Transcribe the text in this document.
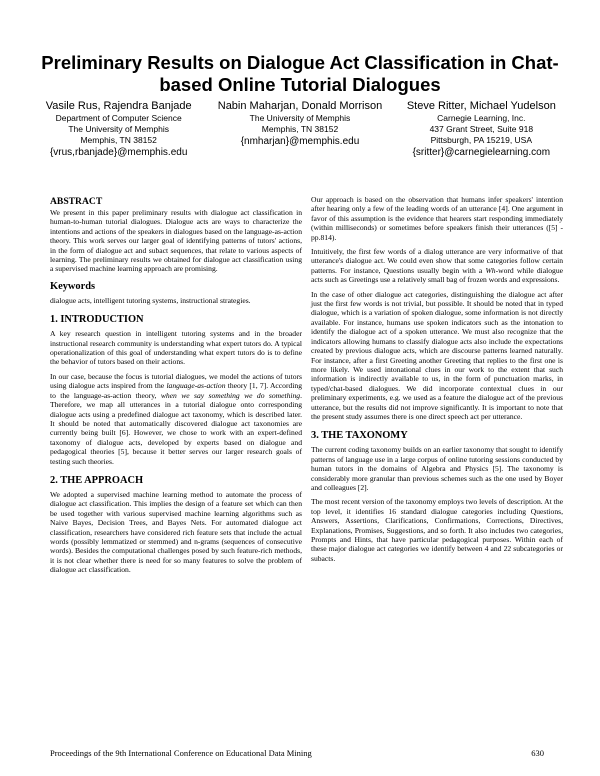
Preliminary Results on Dialogue Act Classification in Chat-based Online Tutorial Dialogues
Vasile Rus, Rajendra Banjade
Department of Computer Science
The University of Memphis
Memphis, TN 38152
{vrus,rbanjade}@memphis.edu
Nabin Maharjan, Donald Morrison
The University of Memphis
Memphis, TN 38152
{nmharjan}@memphis.edu
Steve Ritter, Michael Yudelson
Carnegie Learning, Inc.
437 Grant Street, Suite 918
Pittsburgh, PA 15219, USA
{sritter}@carnegielearning.com
ABSTRACT

We present in this paper preliminary results with dialogue act classification in human-to-human tutorial dialogues. Dialogue acts are ways to characterize the intentions and actions of the speakers in dialogues based on the language-as-action theory. This work serves our larger goal of identifying patterns of tutors' actions, in the form of dialogue act and subact sequences, that relate to various aspects of learning. The preliminary results we obtained for dialogue act classification using a supervised machine learning approach are promising.

Keywords

dialogue acts, intelligent tutoring systems, instructional strategies.

1. INTRODUCTION

A key research question in intelligent tutoring systems and in the broader instructional research community is understanding what expert tutors do. A typical operationalization of this goal of understanding what expert tutors do is to define the behavior of tutors based on their actions.

In our case, because the focus is tutorial dialogues, we model the actions of tutors using dialogue acts inspired from the language-as-action theory [1, 7]. According to the language-as-action theory, when we say something we do something. Therefore, we map all utterances in a tutorial dialogue onto corresponding dialogue acts using a predefined dialogue act taxonomy, which is described later. It should be noted that automatically discovered dialogue act taxonomies are currently being built [6]. However, we chose to work with an expert-defined taxonomy of dialogue acts, developed by experts based on dialogue and pedagogical theories [5], because it better serves our larger research goals of testing such theories.

2. THE APPROACH

We adopted a supervised machine learning method to automate the process of dialogue act classification. This implies the design of a feature set which can then be used together with various supervised machine learning algorithms such as Naive Bayes, Decision Trees, and Bayes Nets. For automated dialogue act classification, researchers have considered rich feature sets that include the actual words (possibly lemmatized or stemmed) and n-grams (sequences of consecutive words). Besides the computational challenges posed by such feature-rich methods, it is not clear whether there is need for so many features to solve the problem of dialogue act classification.

Our approach is based on the observation that humans infer speakers' intention after hearing only a few of the leading words of an utterance [4]. One argument in favor of this assumption is the evidence that hearers start responding immediately (within milliseconds) or sometimes before speakers finish their utterances ([5] - pp.814).

Intuitively, the first few words of a dialog utterance are very informative of that utterance's dialogue act. We could even show that some categories follow certain patterns. For instance, Questions usually begin with a Wh-word while dialogue acts such as Greetings use a relatively small bag of frozen words and expressions.

In the case of other dialogue act categories, distinguishing the dialogue act after just the first few words is not trivial, but possible. It should be noted that in typed dialogue, which is a variation of spoken dialogue, some information is not directly available. For instance, humans use spoken indicators such as the intonation to identify the dialogue act of a spoken utterance. We must also recognize that the indicators allowing humans to classify dialogue acts also include the expectations created by previous dialogue acts, which are discourse patterns learned naturally. For instance, after a first Greeting another Greeting that replies to the first one is more likely. We used intonational clues in our work to the extent that such information is indirectly available to us, in the form of punctuation marks, in typed/chat-based dialogues. We did incorporate contextual clues in our preliminary experiments, e.g. we used as a feature the dialogue act of the previous utterance, but the results did not improve significantly. It is important to note that the present study assumes there is one direct speech act per utterance.

3. THE TAXONOMY

The current coding taxonomy builds on an earlier taxonomy that sought to identify patterns of language use in a large corpus of online tutoring sessions conducted by human tutors in the domains of Algebra and Physics [5]. The taxonomy is considerably more granular than previous schemes such as the one used by Boyer and colleagues [2].

The most recent version of the taxonomy employs two levels of description. At the top level, it identifies 16 standard dialogue categories including Questions, Answers, Assertions, Clarifications, Confirmations, Corrections, Directives, Explanations, Promises, Suggestions, and so forth. It also includes two categories, Prompts and Hints, that have particular pedagogical purposes. Within each of these major dialogue act categories we identify between 4 and 22 subcategories or subacts.

Proceedings of the 9th International Conference on Educational Data Mining	630
